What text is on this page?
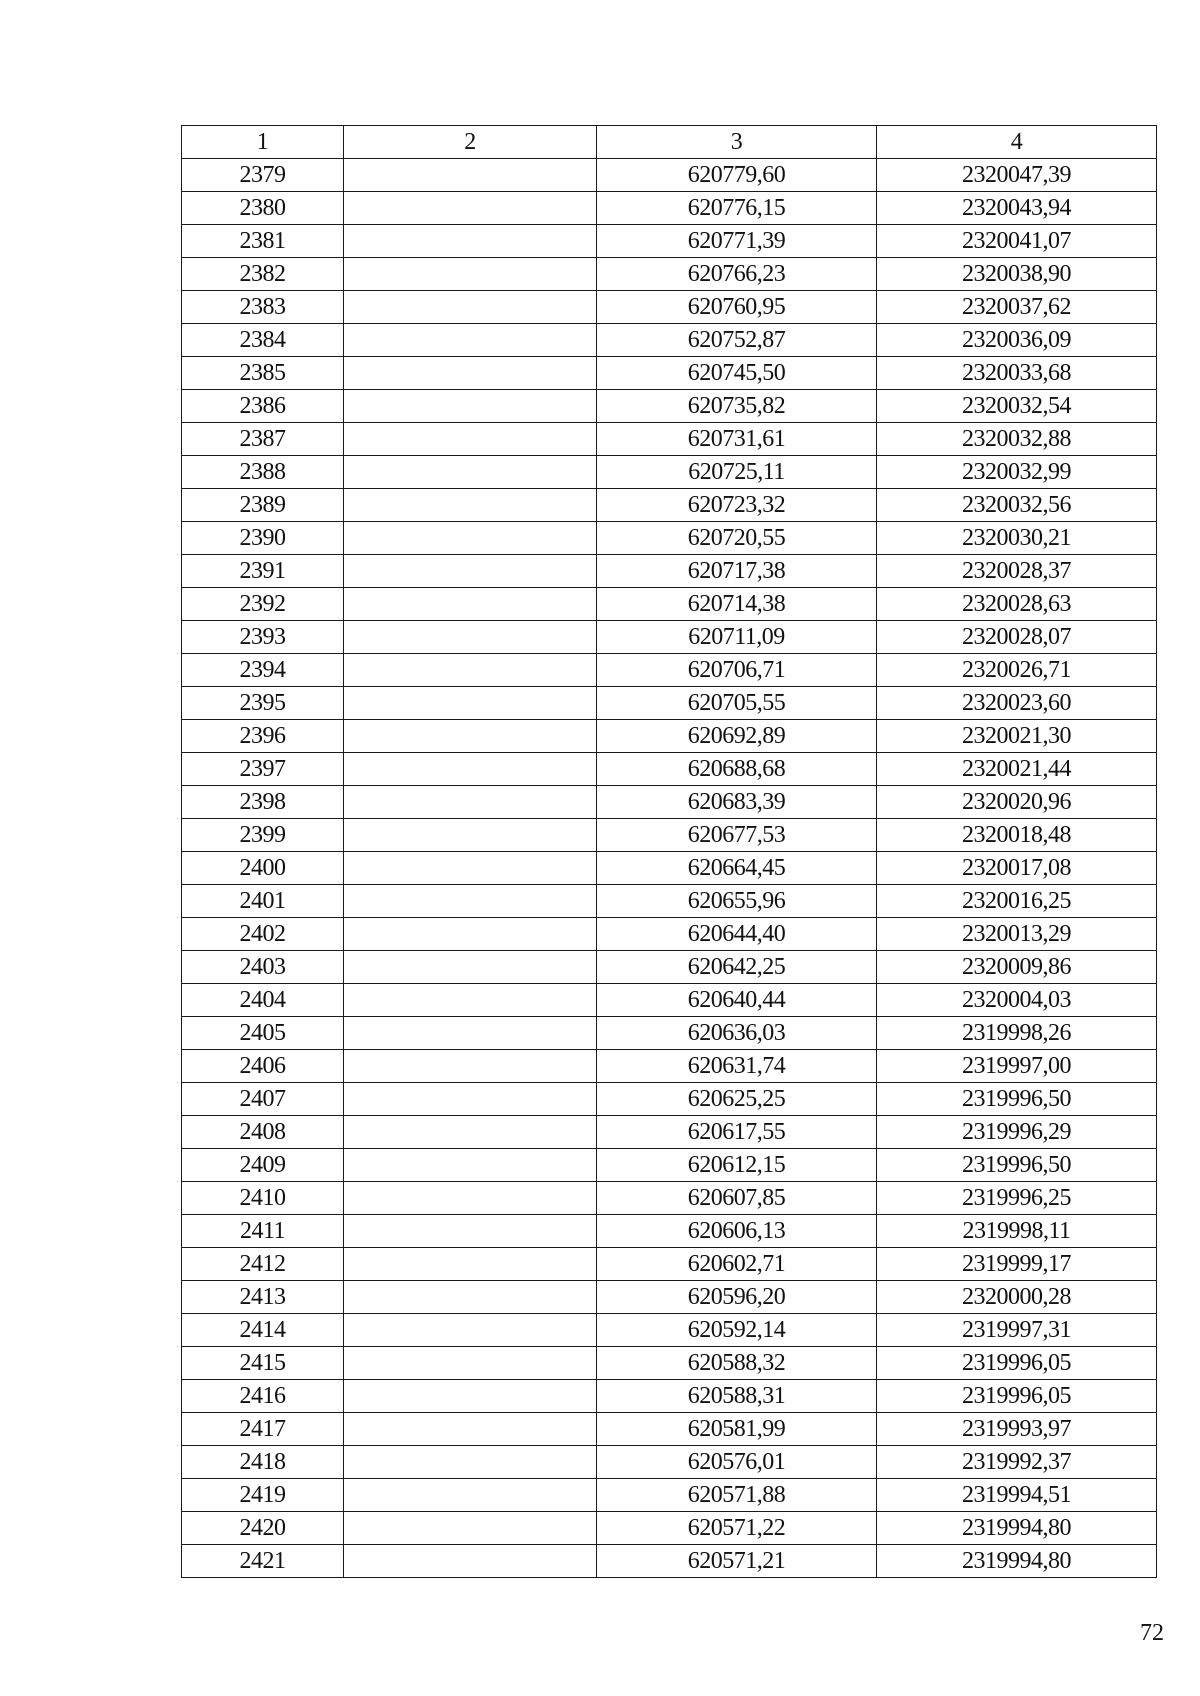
1	2	3	4
2379		620779,60	2320047,39
2380		620776,15	2320043,94
2381		620771,39	2320041,07
2382		620766,23	2320038,90
2383		620760,95	2320037,62
2384		620752,87	2320036,09
2385		620745,50	2320033,68
2386		620735,82	2320032,54
2387		620731,61	2320032,88
2388		620725,11	2320032,99
2389		620723,32	2320032,56
2390		620720,55	2320030,21
2391		620717,38	2320028,37
2392		620714,38	2320028,63
2393		620711,09	2320028,07
2394		620706,71	2320026,71
2395		620705,55	2320023,60
2396		620692,89	2320021,30
2397		620688,68	2320021,44
2398		620683,39	2320020,96
2399		620677,53	2320018,48
2400		620664,45	2320017,08
2401		620655,96	2320016,25
2402		620644,40	2320013,29
2403		620642,25	2320009,86
2404		620640,44	2320004,03
2405		620636,03	2319998,26
2406		620631,74	2319997,00
2407		620625,25	2319996,50
2408		620617,55	2319996,29
2409		620612,15	2319996,50
2410		620607,85	2319996,25
2411		620606,13	2319998,11
2412		620602,71	2319999,17
2413		620596,20	2320000,28
2414		620592,14	2319997,31
2415		620588,32	2319996,05
2416		620588,31	2319996,05
2417		620581,99	2319993,97
2418		620576,01	2319992,37
2419		620571,88	2319994,51
2420		620571,22	2319994,80
2421		620571,21	2319994,80
72
